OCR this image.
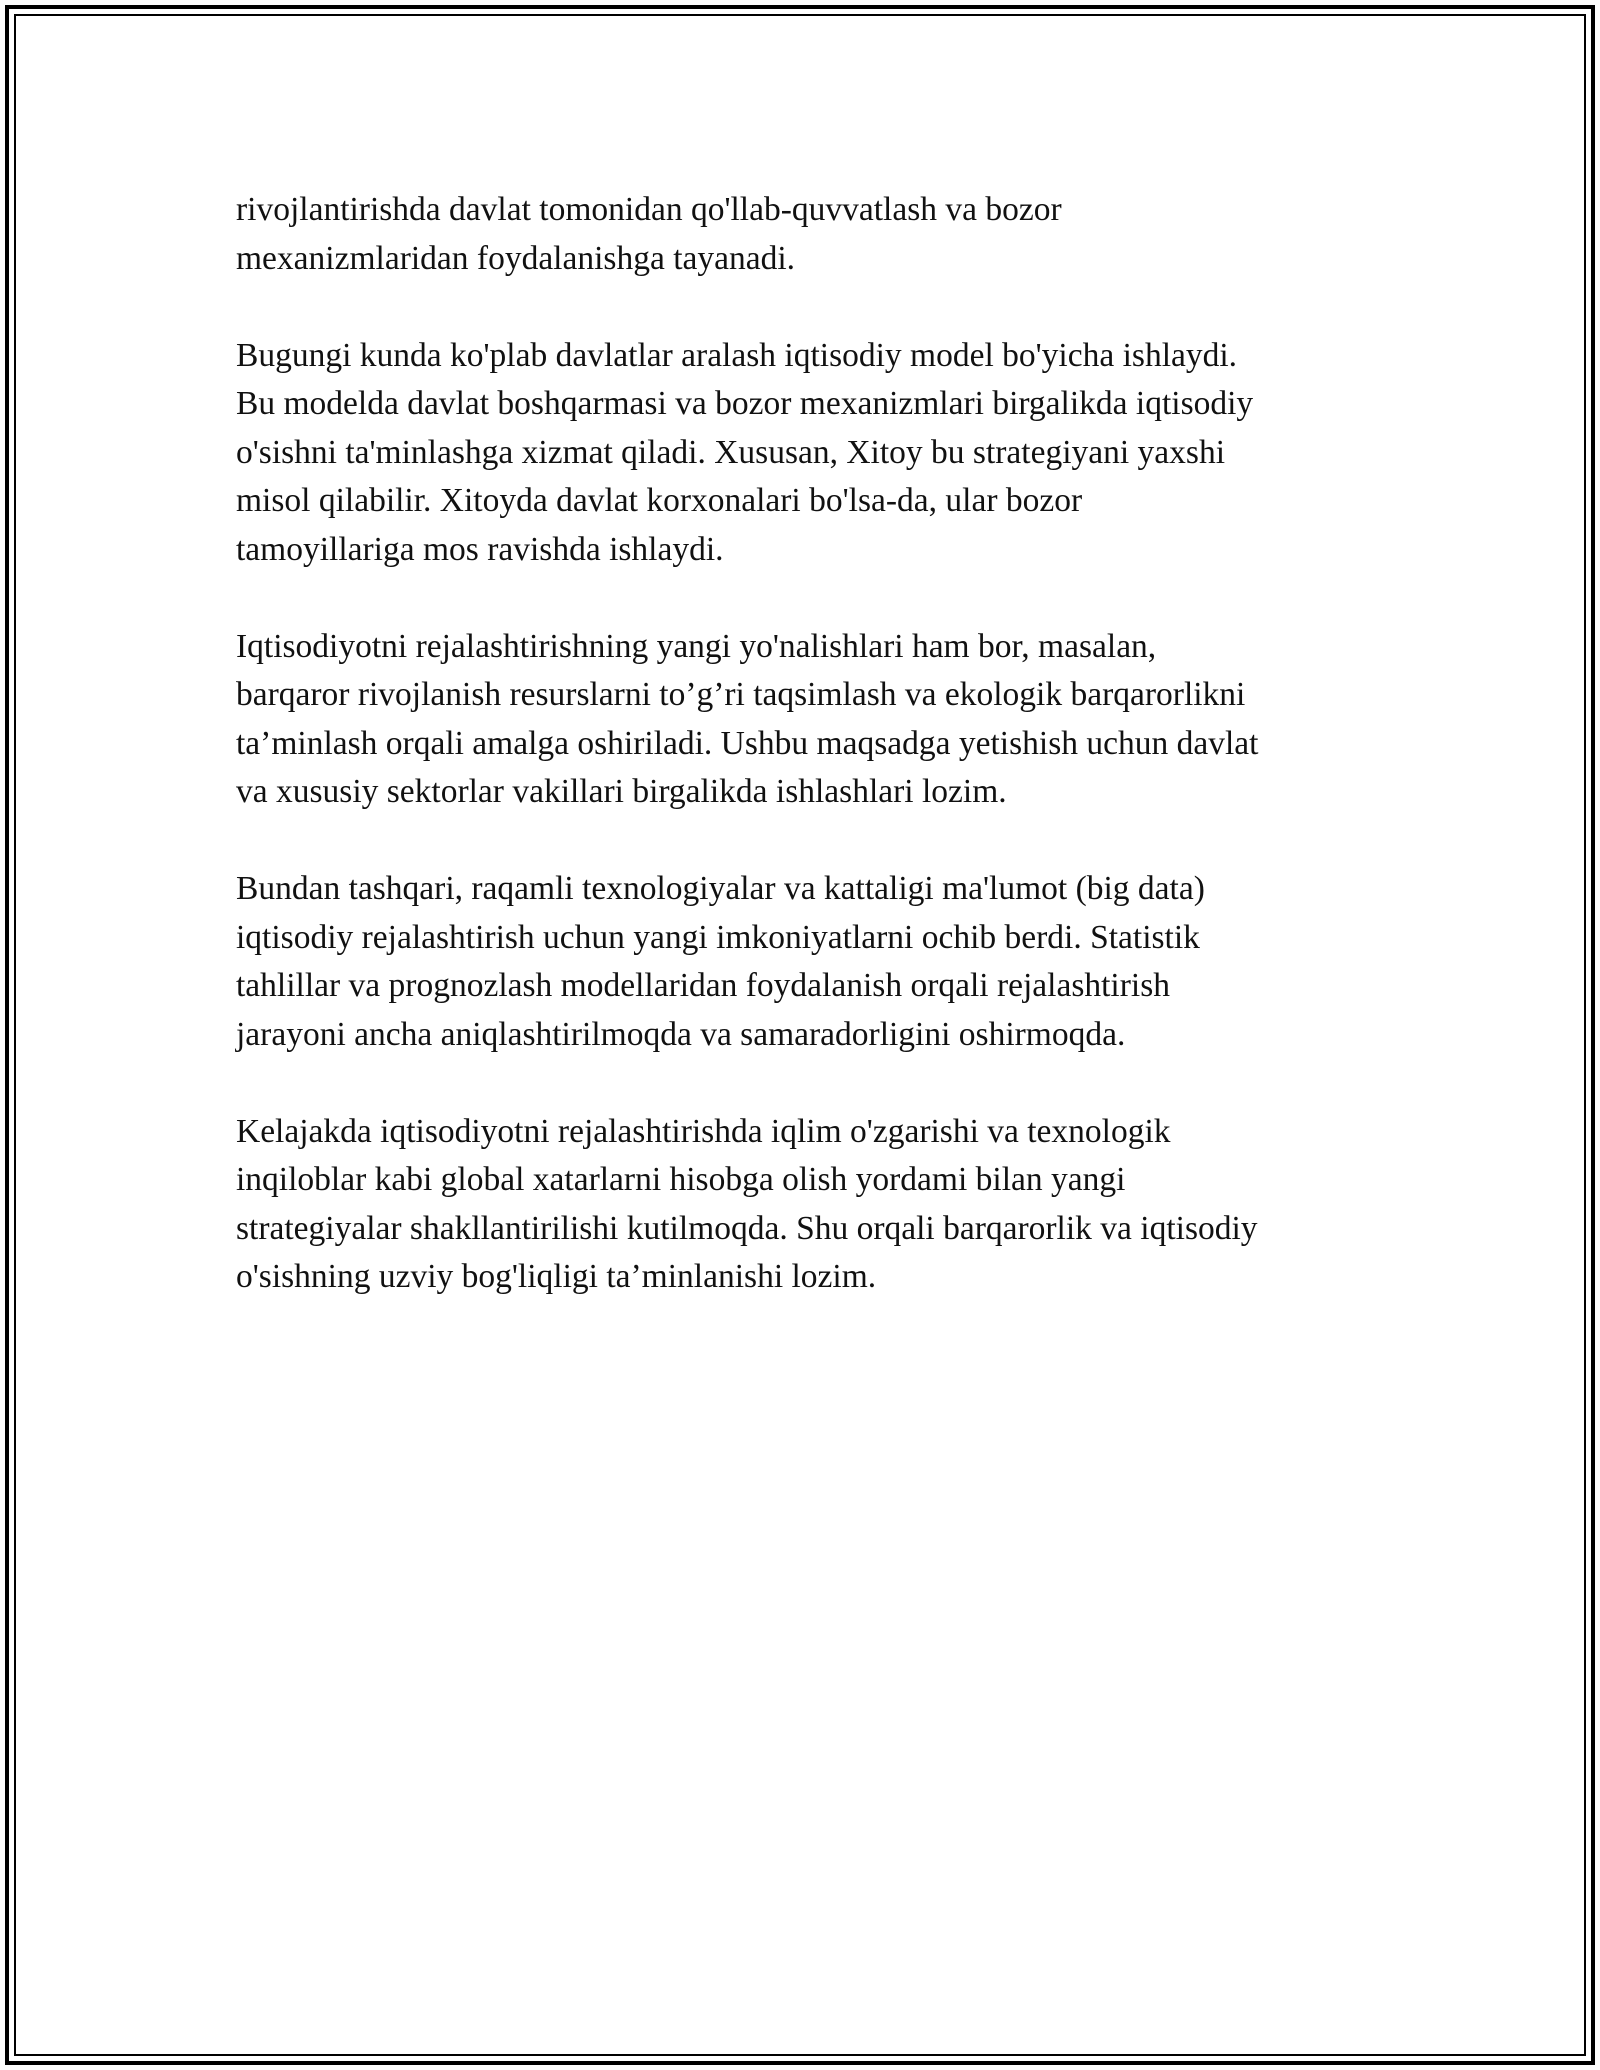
rivojlantirishda davlat tomonidan qo'llab-quvvatlash va bozor
mexanizmlaridan foydalanishga tayanadi.

Bugungi kunda ko'plab davlatlar aralash iqtisodiy model bo'yicha ishlaydi.
Bu modelda davlat boshqarmasi va bozor mexanizmlari birgalikda iqtisodiy
o'sishni ta'minlashga xizmat qiladi. Xususan, Xitoy bu strategiyani yaxshi
misol qilabilir. Xitoyda davlat korxonalari bo'lsa-da, ular bozor
tamoyillariga mos ravishda ishlaydi.

Iqtisodiyotni rejalashtirishning yangi yo'nalishlari ham bor, masalan,
barqaror rivojlanish resurslarni to’g’ri taqsimlash va ekologik barqarorlikni
ta’minlash orqali amalga oshiriladi. Ushbu maqsadga yetishish uchun davlat
va xususiy sektorlar vakillari birgalikda ishlashlari lozim.

Bundan tashqari, raqamli texnologiyalar va kattaligi ma'lumot (big data)
iqtisodiy rejalashtirish uchun yangi imkoniyatlarni ochib berdi. Statistik
tahlillar va prognozlash modellaridan foydalanish orqali rejalashtirish
jarayoni ancha aniqlashtirilmoqda va samaradorligini oshirmoqda.

Kelajakda iqtisodiyotni rejalashtirishda iqlim o'zgarishi va texnologik
inqiloblar kabi global xatarlarni hisobga olish yordami bilan yangi
strategiyalar shakllantirilishi kutilmoqda. Shu orqali barqarorlik va iqtisodiy
o'sishning uzviy bog'liqligi ta’minlanishi lozim.
